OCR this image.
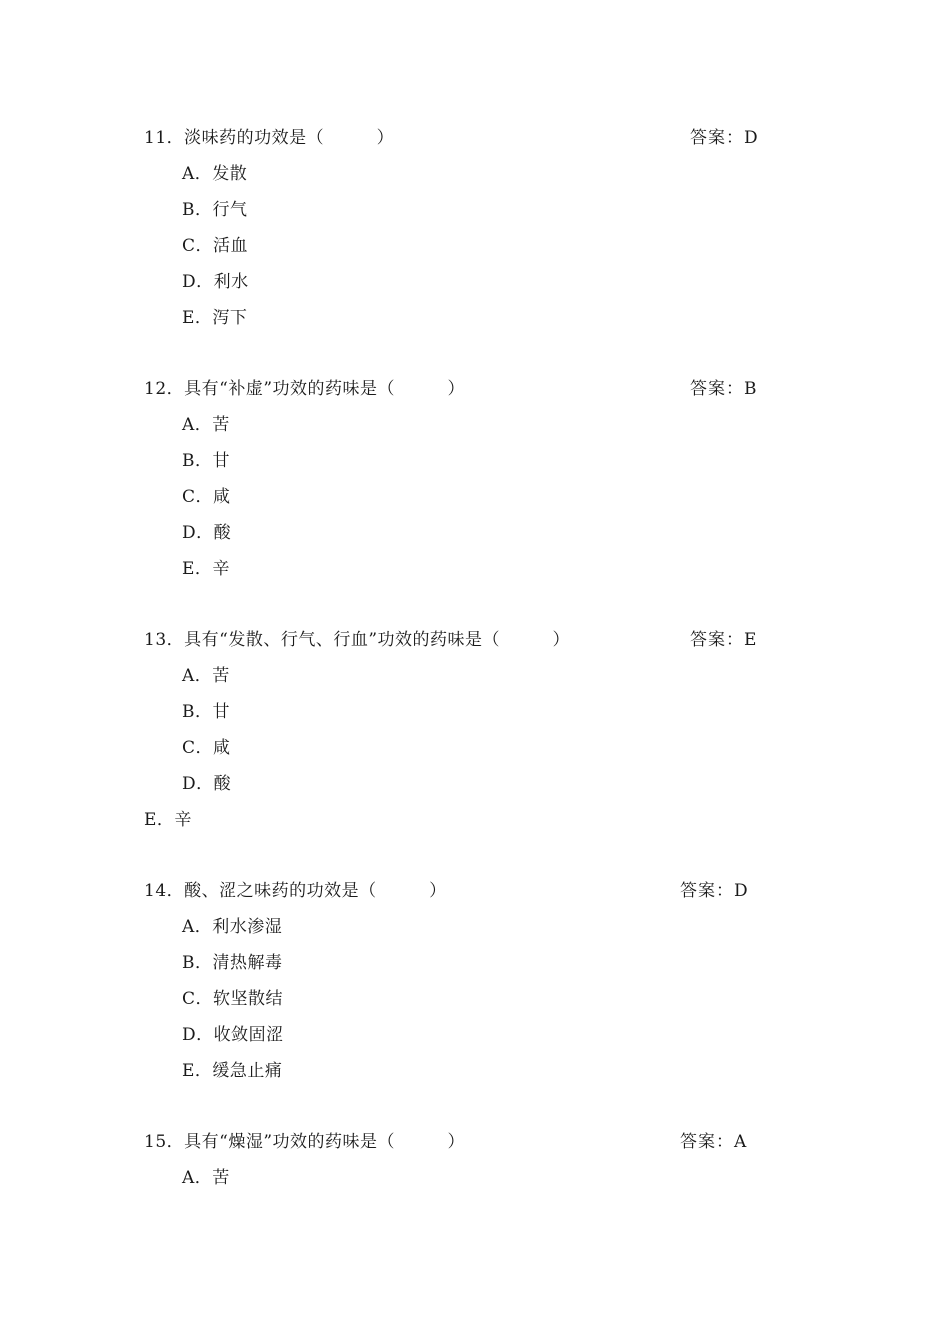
11．淡味药的功效是（　　　）	答案：D
A．发散
B．行气
C．活血
D．利水
E．泻下
12．具有“补虚”功效的药味是（　　　）	答案：B
A．苦
B．甘
C．咸
D．酸
E．辛
13．具有“发散、行气、行血”功效的药味是（　　　）	答案：E
A．苦
B．甘
C．咸
D．酸
E．辛
14．酸、涩之味药的功效是（　　　）	答案：D
A．利水渗湿
B．清热解毒
C．软坚散结
D．收敛固涩
E．缓急止痛
15．具有“燥湿”功效的药味是（　　　）	答案：A
A．苦
